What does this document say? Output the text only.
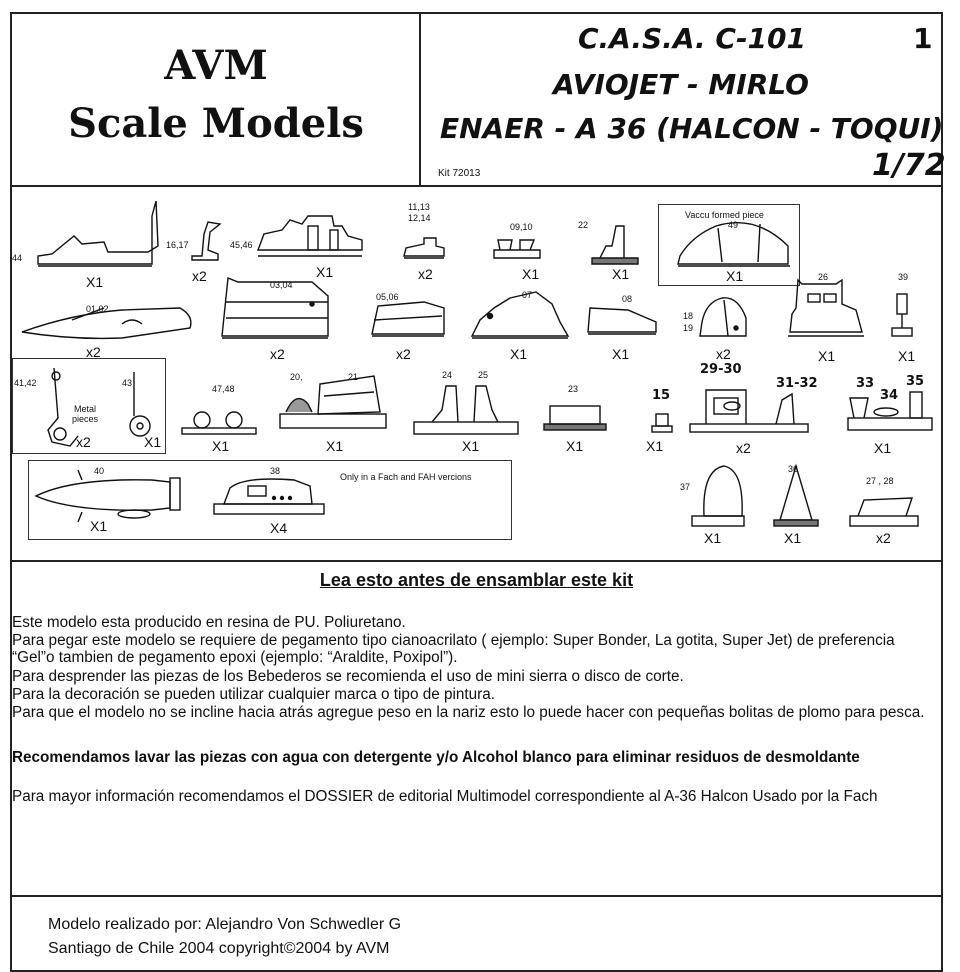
AVM
Scale Models
C.A.S.A. C-101	1
AVIOJET - MIRLO
ENAER - A 36 (HALCON - TOQUI)
Kit 72013	1/72
Vaccu formed piece
Metal
pieces
Only in a Fach and FAH vercions
44
16,17	45,46
11,13
12,14
09,10	22	49
01,02
03,04
05,06	07	08
18
19
26	39
41,42	43
47,48
20,	21	24	25
23	15
29-30
31-32	33
34
35
40	38
37
36
27 , 28
X1	x2	X1	x2	X1	X1	X1
x2	x2	x2	X1	X1	x2	X1	X1
x2	X1	X1	X1	X1	X1	X1	x2	X1
X1	X4
X1	X1	x2
Lea esto antes de ensamblar este kit
Este modelo esta producido en resina de PU. Poliuretano.
Para pegar este modelo se requiere de pegamento tipo cianoacrilato ( ejemplo: Super Bonder, La gotita, Super Jet) de preferencia “Gel”o tambien de pegamento epoxi (ejemplo: “Araldite, Poxipol”).
Para desprender las piezas de los Bebederos se recomienda el uso de mini sierra o disco de corte.
Para la decoración se pueden utilizar cualquier marca o tipo de pintura.
Para que el modelo no se incline hacia atrás agregue peso en la nariz esto lo puede hacer con pequeñas bolitas de plomo para pesca.
Recomendamos lavar las piezas con agua con detergente y/o Alcohol blanco para eliminar residuos de desmoldante
Para mayor información recomendamos el DOSSIER de editorial Multimodel correspondiente al A-36 Halcon Usado por la Fach
Modelo realizado por: Alejandro Von Schwedler G
Santiago de Chile 2004 copyright©2004 by AVM
